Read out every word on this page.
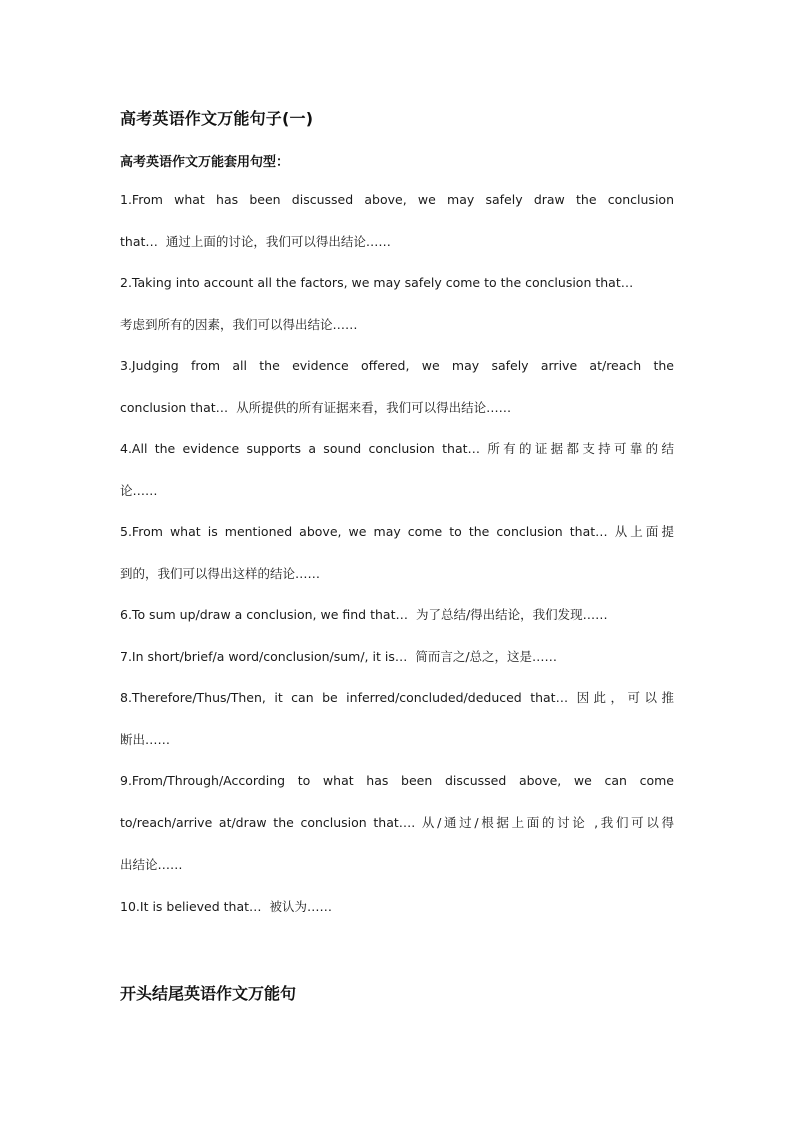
高考英语作文万能句子(一)
高考英语作文万能套用句型：
1.From what has been discussed above, we may safely draw the conclusion
that… 通过上面的讨论，我们可以得出结论……
2.Taking into account all the factors, we may safely come to the conclusion that…
考虑到所有的因素，我们可以得出结论……
3.Judging from all the evidence offered, we may safely arrive at/reach the
conclusion that… 从所提供的所有证据来看，我们可以得出结论……
4.All the evidence supports a sound conclusion that… 所有的证据都支持可靠的结
论……
5.From what is mentioned above, we may come to the conclusion that… 从上面提
到的，我们可以得出这样的结论……
6.To sum up/draw a conclusion, we find that… 为了总结/得出结论，我们发现……
7.In short/brief/a word/conclusion/sum/, it is… 简而言之/总之，这是……
8.Therefore/Thus/Then, it can be inferred/concluded/deduced that… 因此，可以推
断出……
9.From/Through/According to what has been discussed above, we can come
to/reach/arrive at/draw the conclusion that…. 从/通过/根据上面的讨论 ,我们可以得
出结论……
10.It is believed that… 被认为……
开头结尾英语作文万能句
